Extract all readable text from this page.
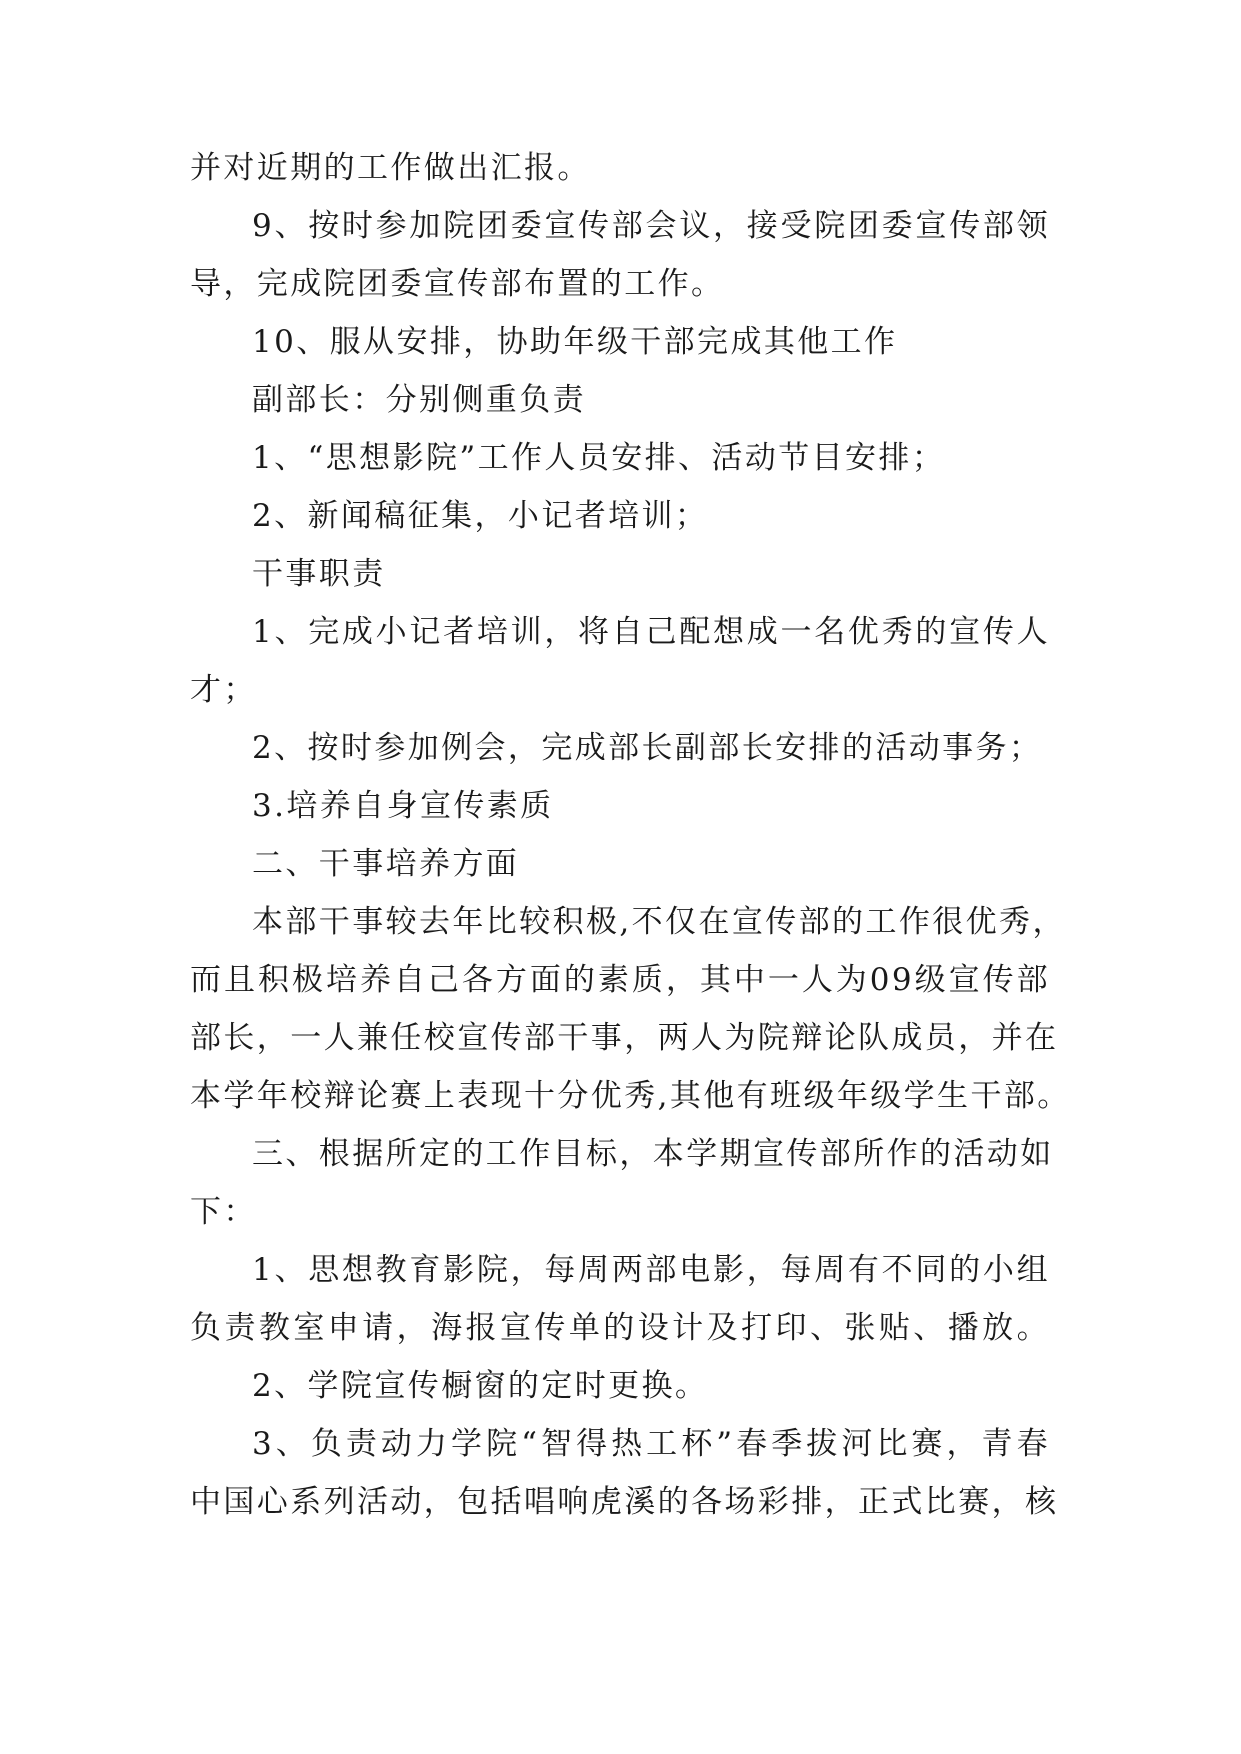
并对近期的工作做出汇报。
9、按时参加院团委宣传部会议，接受院团委宣传部领
导，完成院团委宣传部布置的工作。
10、服从安排，协助年级干部完成其他工作
副部长：分别侧重负责
1、“思想影院”工作人员安排、活动节目安排；
2、新闻稿征集，小记者培训；
干事职责
1、完成小记者培训，将自己配想成一名优秀的宣传人
才；
2、按时参加例会，完成部长副部长安排的活动事务；
3.培养自身宣传素质
二、干事培养方面
本部干事较去年比较积极,不仅在宣传部的工作很优秀，
而且积极培养自己各方面的素质，其中一人为09级宣传部
部长，一人兼任校宣传部干事，两人为院辩论队成员，并在
本学年校辩论赛上表现十分优秀,其他有班级年级学生干部。
三、根据所定的工作目标，本学期宣传部所作的活动如
下：
1、思想教育影院，每周两部电影，每周有不同的小组
负责教室申请，海报宣传单的设计及打印、张贴、播放。
2、学院宣传橱窗的定时更换。
3、负责动力学院“智得热工杯”春季拔河比赛，青春
中国心系列活动，包括唱响虎溪的各场彩排，正式比赛，核
